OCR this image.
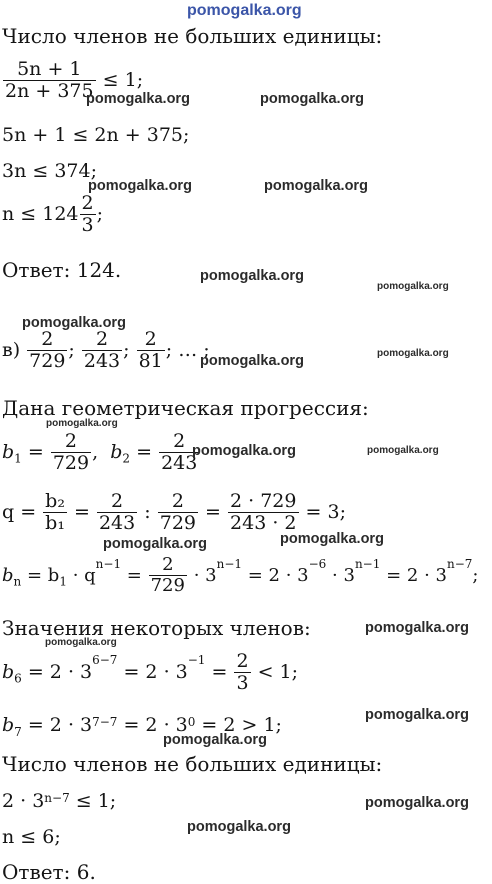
pomogalka.org
Число членов не больших единицы:
$\frac{5n + 1}{2n + 375} \le 1$;
5n + 1 ≤ 2n + 375;
3n ≤ 374;
$n \le 124 \frac{2}{3}$ ;
Ответ: 124.
$в) \frac{2}{729}$ ; $\frac{2}{243}$ ; $\frac{2}{81}$ ; … ;
Дана геометрическая прогрессия:
$b_1 = \frac{2}{729}$ , $b_2 = \frac{2}{243}$
$q = \frac{\text{b₂}}{\text{b₁}} = \frac{2}{243}$ : $\frac{2}{729} = \frac{2 \cdot 729}{243 \cdot 2} = 3$;
$b_n = b_1 \cdot q^{n-1} = \frac{2}{729} \cdot 3^{n-1} = 2 \cdot 3^{-6} \cdot 3^{n-1} = 2 \cdot 3^{n-7}$;
Значения некоторых членов:
$b_6 = 2 \cdot 3^{6-7} = 2 \cdot 3^{-1} = \frac{2}{3} < 1$;
$b_7 = 2 \cdot 3^{7-7} = 2 \cdot 3^0 = 2 > 1$;
Число членов не больших единицы:
$2 \cdot 3^{n-7} \le 1$;
n ≤ 6;
Ответ: 6.
pomogalka.org	pomogalka.org
pomogalka.org	pomogalka.org
pomogalka.org
pomogalka.org
pomogalka.org
pomogalka.org	pomogalka.org
pomogalka.org
pomogalka.org	pomogalka.org
pomogalka.org	pomogalka.org
pomogalka.org
pomogalka.org
pomogalka.org
pomogalka.org
pomogalka.org
pomogalka.org
